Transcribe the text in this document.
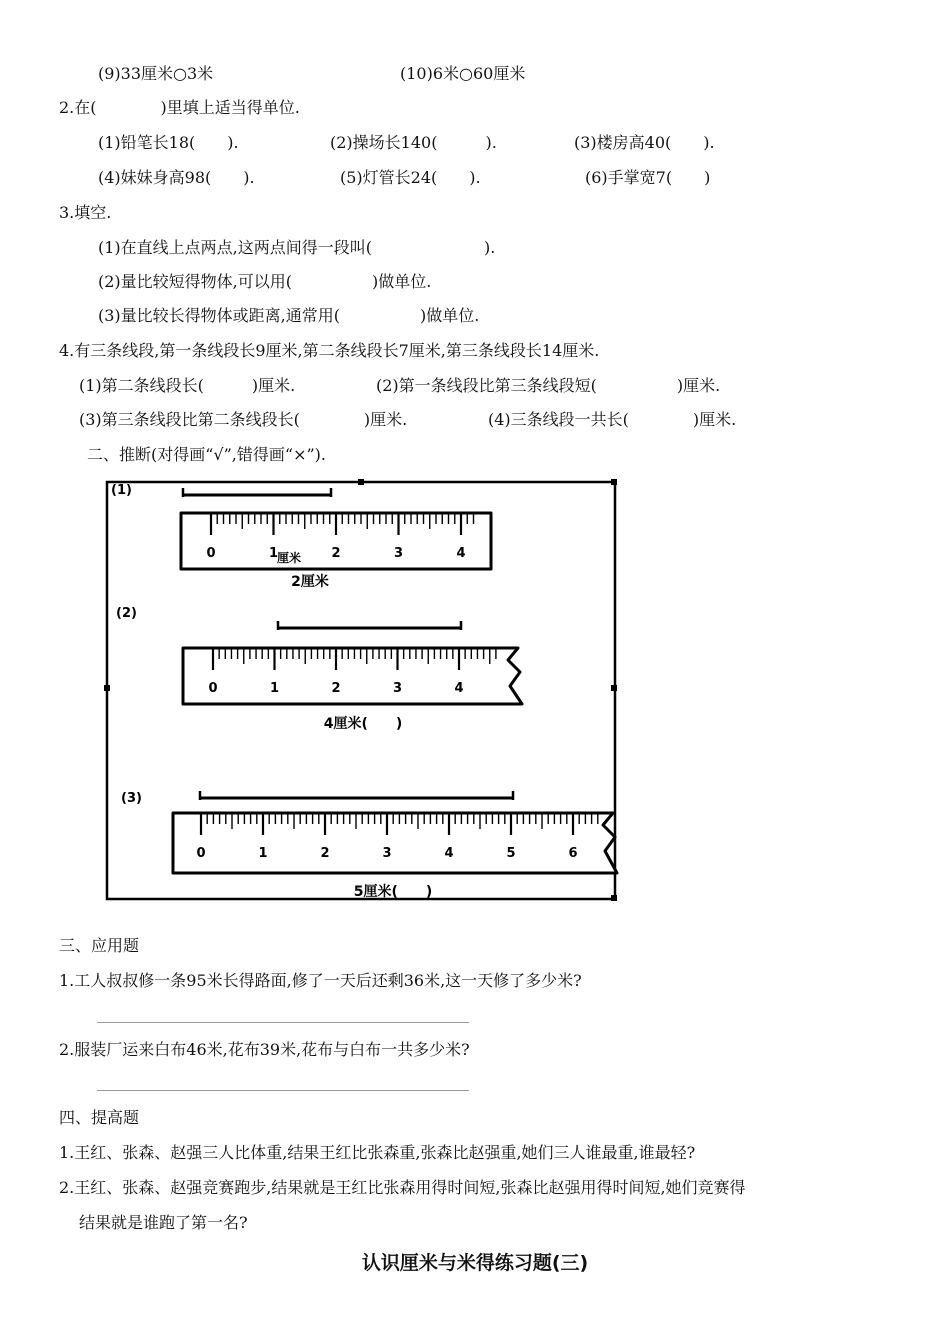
(9)33厘米○3米	(10)6米○60厘米
2.在(　　　　)里填上适当得单位.
(1)铅笔长18(　　).	(2)操场长140(　　　).	(3)楼房高40(　　).
(4)妹妹身高98(　　).	(5)灯管长24(　　).	(6)手掌宽7(　　)
3.填空.
(1)在直线上点两点,这两点间得一段叫(　　　　　　　).
(2)量比较短得物体,可以用(　　　　　)做单位.
(3)量比较长得物体或距离,通常用(　　　　　)做单位.
4.有三条线段,第一条线段长9厘米,第二条线段长7厘米,第三条线段长14厘米.
(1)第二条线段长(　　　)厘米.	(2)第一条线段比第三条线段短(　　　　　)厘米.
(3)第三条线段比第二条线段长(　　　　)厘米.	(4)三条线段一共长(　　　　)厘米.
二、推断(对得画“√”,错得画“×”).
(1)
0	1	2	3	4
厘米
2厘米
(2)
0	1	2	3	4
4厘米(　　)
(3)
0	1	2	3	4	5	6
5厘米(　　)
三、应用题
1.工人叔叔修一条95米长得路面,修了一天后还剩36米,这一天修了多少米?
2.服装厂运来白布46米,花布39米,花布与白布一共多少米?
四、提高题
1.王红、张森、赵强三人比体重,结果王红比张森重,张森比赵强重,她们三人谁最重,谁最轻?
2.王红、张森、赵强竞赛跑步,结果就是王红比张森用得时间短,张森比赵强用得时间短,她们竞赛得
结果就是谁跑了第一名?
认识厘米与米得练习题(三)
